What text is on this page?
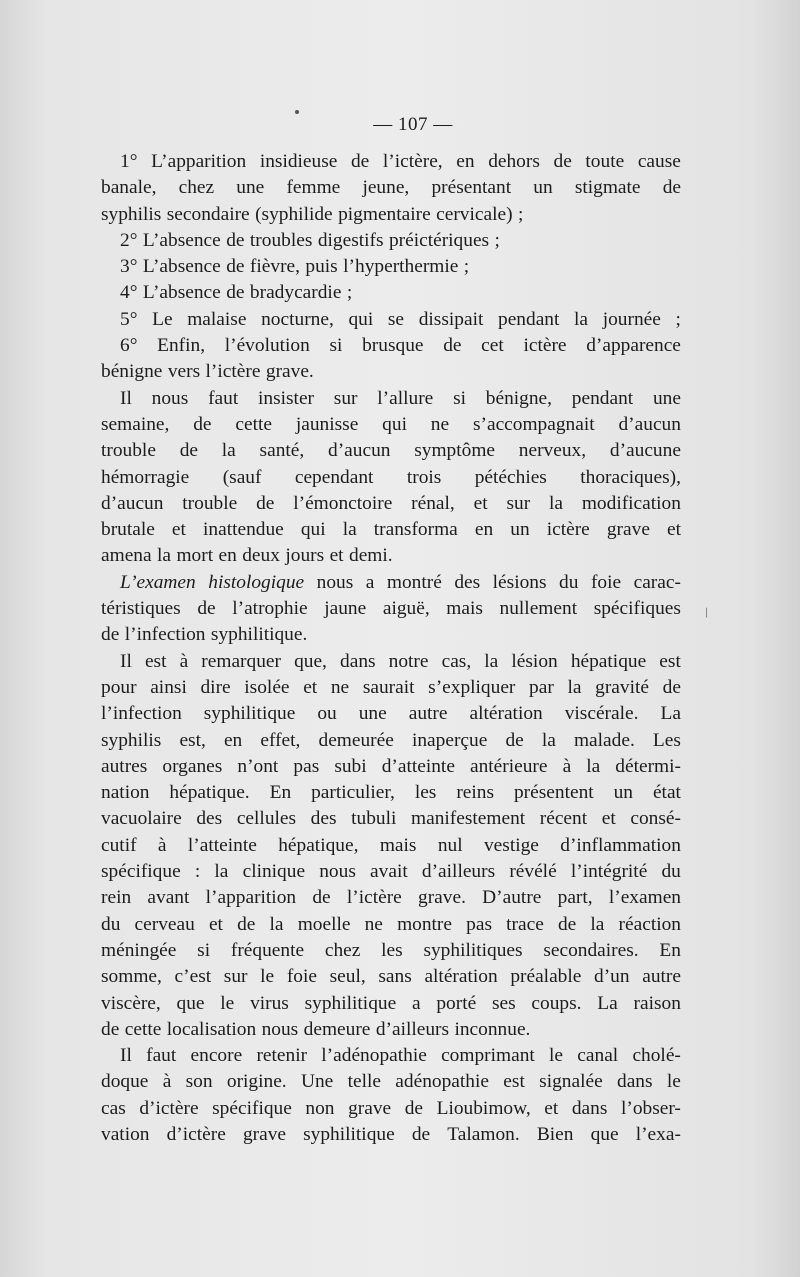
— 107 —
1° L’apparition insidieuse de l’ictère, en dehors de toute cause
banale, chez une femme jeune, présentant un stigmate de
syphilis secondaire (syphilide pigmentaire cervicale) ;
2° L’absence de troubles digestifs préictériques ;
3° L’absence de fièvre, puis l’hyperthermie ;
4° L’absence de bradycardie ;
5° Le malaise nocturne, qui se dissipait pendant la journée ;
6° Enfin, l’évolution si brusque de cet ictère d’apparence
bénigne vers l’ictère grave.
Il nous faut insister sur l’allure si bénigne, pendant une
semaine, de cette jaunisse qui ne s’accompagnait d’aucun
trouble de la santé, d’aucun symptôme nerveux, d’aucune
hémorragie (sauf cependant trois pétéchies thoraciques),
d’aucun trouble de l’émonctoire rénal, et sur la modification
brutale et inattendue qui la transforma en un ictère grave et
amena la mort en deux jours et demi.
L’examen histologique nous a montré des lésions du foie carac-
téristiques de l’atrophie jaune aiguë, mais nullement spécifiques
de l’infection syphilitique.
Il est à remarquer que, dans notre cas, la lésion hépatique est
pour ainsi dire isolée et ne saurait s’expliquer par la gravité de
l’infection syphilitique ou une autre altération viscérale. La
syphilis est, en effet, demeurée inaperçue de la malade. Les
autres organes n’ont pas subi d’atteinte antérieure à la détermi-
nation hépatique. En particulier, les reins présentent un état
vacuolaire des cellules des tubuli manifestement récent et consé-
cutif à l’atteinte hépatique, mais nul vestige d’inflammation
spécifique : la clinique nous avait d’ailleurs révélé l’intégrité du
rein avant l’apparition de l’ictère grave. D’autre part, l’examen
du cerveau et de la moelle ne montre pas trace de la réaction
méningée si fréquente chez les syphilitiques secondaires. En
somme, c’est sur le foie seul, sans altération préalable d’un autre
viscère, que le virus syphilitique a porté ses coups. La raison
de cette localisation nous demeure d’ailleurs inconnue.
Il faut encore retenir l’adénopathie comprimant le canal cholé-
doque à son origine. Une telle adénopathie est signalée dans le
cas d’ictère spécifique non grave de Lioubimow, et dans l’obser-
vation d’ictère grave syphilitique de Talamon. Bien que l’exa-
/
